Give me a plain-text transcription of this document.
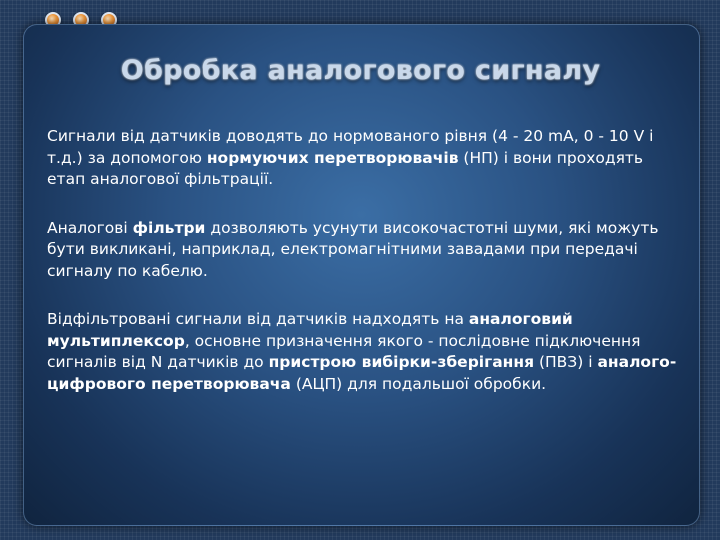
Обробка аналогового сигналу

Сигнали від датчиків доводять до нормованого рівня (4 - 20 mA, 0 - 10 V і т.д.) за допомогою нормуючих перетворювачів (НП) і вони проходять етап аналогової фільтрації.

Аналогові фільтри дозволяють усунути високочастотні шуми, які можуть бути викликані, наприклад, електромагнітними завадами при передачі сигналу по кабелю.

Відфільтровані сигнали від датчиків надходять на аналоговий мультиплексор, основне призначення якого - послідовне підключення сигналів від N датчиків до пристрою вибірки-зберігання (ПВЗ) і аналого-цифрового перетворювача (АЦП) для подальшої обробки.
